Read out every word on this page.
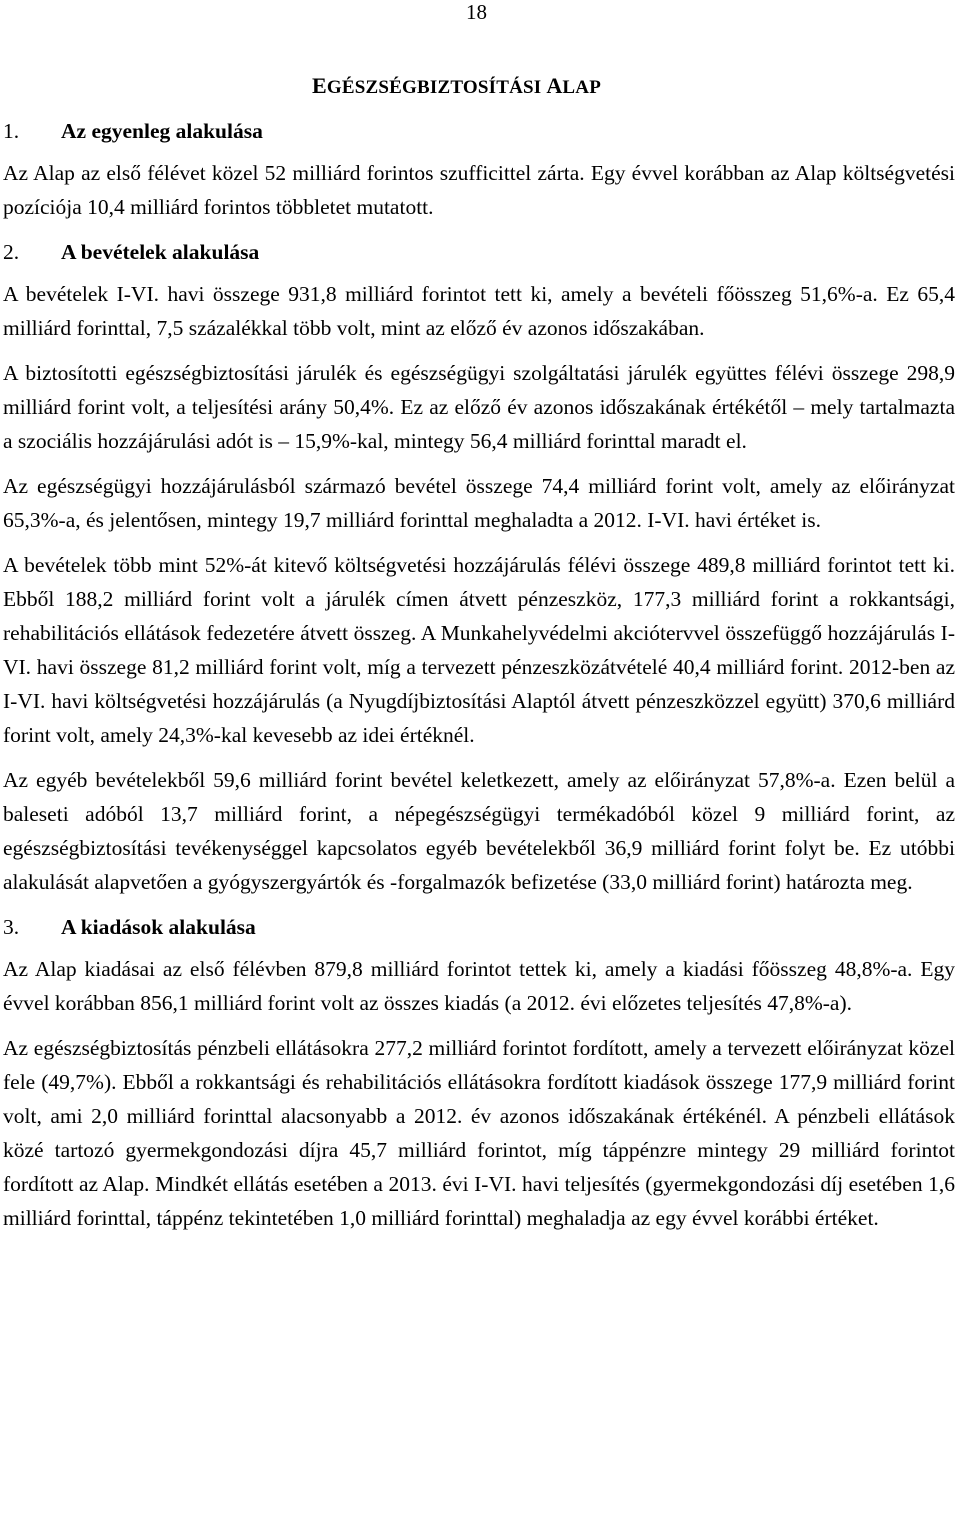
18
EGÉSZSÉGBIZTOSÍTÁSI ALAP
1. Az egyenleg alakulása

Az Alap az első félévet közel 52 milliárd forintos szufficittel zárta. Egy évvel korábban az Alap költségvetési pozíciója 10,4 milliárd forintos többletet mutatott.

2. A bevételek alakulása

A bevételek I-VI. havi összege 931,8 milliárd forintot tett ki, amely a bevételi főösszeg 51,6%-a. Ez 65,4 milliárd forinttal, 7,5 százalékkal több volt, mint az előző év azonos időszakában.

A biztosítotti egészségbiztosítási járulék és egészségügyi szolgáltatási járulék együttes félévi összege 298,9 milliárd forint volt, a teljesítési arány 50,4%. Ez az előző év azonos időszakának értékétől – mely tartalmazta a szociális hozzájárulási adót is – 15,9%-kal, mintegy 56,4 milliárd forinttal maradt el.

Az egészségügyi hozzájárulásból származó bevétel összege 74,4 milliárd forint volt, amely az előirányzat 65,3%-a, és jelentősen, mintegy 19,7 milliárd forinttal meghaladta a 2012. I-VI. havi értéket is.

A bevételek több mint 52%-át kitevő költségvetési hozzájárulás félévi összege 489,8 milliárd forintot tett ki. Ebből 188,2 milliárd forint volt a járulék címen átvett pénzeszköz, 177,3 milliárd forint a rokkantsági, rehabilitációs ellátások fedezetére átvett összeg. A Munkahelyvédelmi akciótervvel összefüggő hozzájárulás I-VI. havi összege 81,2 milliárd forint volt, míg a tervezett pénzeszközátvételé 40,4 milliárd forint. 2012-ben az I-VI. havi költségvetési hozzájárulás (a Nyugdíjbiztosítási Alaptól átvett pénzeszközzel együtt) 370,6 milliárd forint volt, amely 24,3%-kal kevesebb az idei értéknél.

Az egyéb bevételekből 59,6 milliárd forint bevétel keletkezett, amely az előirányzat 57,8%-a. Ezen belül a baleseti adóból 13,7 milliárd forint, a népegészségügyi termékadóból közel 9 milliárd forint, az egészségbiztosítási tevékenységgel kapcsolatos egyéb bevételekből 36,9 milliárd forint folyt be. Ez utóbbi alakulását alapvetően a gyógyszergyártók és -forgalmazók befizetése (33,0 milliárd forint) határozta meg.

3. A kiadások alakulása

Az Alap kiadásai az első félévben 879,8 milliárd forintot tettek ki, amely a kiadási főösszeg 48,8%-a. Egy évvel korábban 856,1 milliárd forint volt az összes kiadás (a 2012. évi előzetes teljesítés 47,8%-a).

Az egészségbiztosítás pénzbeli ellátásokra 277,2 milliárd forintot fordított, amely a tervezett előirányzat közel fele (49,7%). Ebből a rokkantsági és rehabilitációs ellátásokra fordított kiadások összege 177,9 milliárd forint volt, ami 2,0 milliárd forinttal alacsonyabb a 2012. év azonos időszakának értékénél. A pénzbeli ellátások közé tartozó gyermekgondozási díjra 45,7 milliárd forintot, míg táppénzre mintegy 29 milliárd forintot fordított az Alap. Mindkét ellátás esetében a 2013. évi I-VI. havi teljesítés (gyermekgondozási díj esetében 1,6 milliárd forinttal, táppénz tekintetében 1,0 milliárd forinttal) meghaladja az egy évvel korábbi értéket.
